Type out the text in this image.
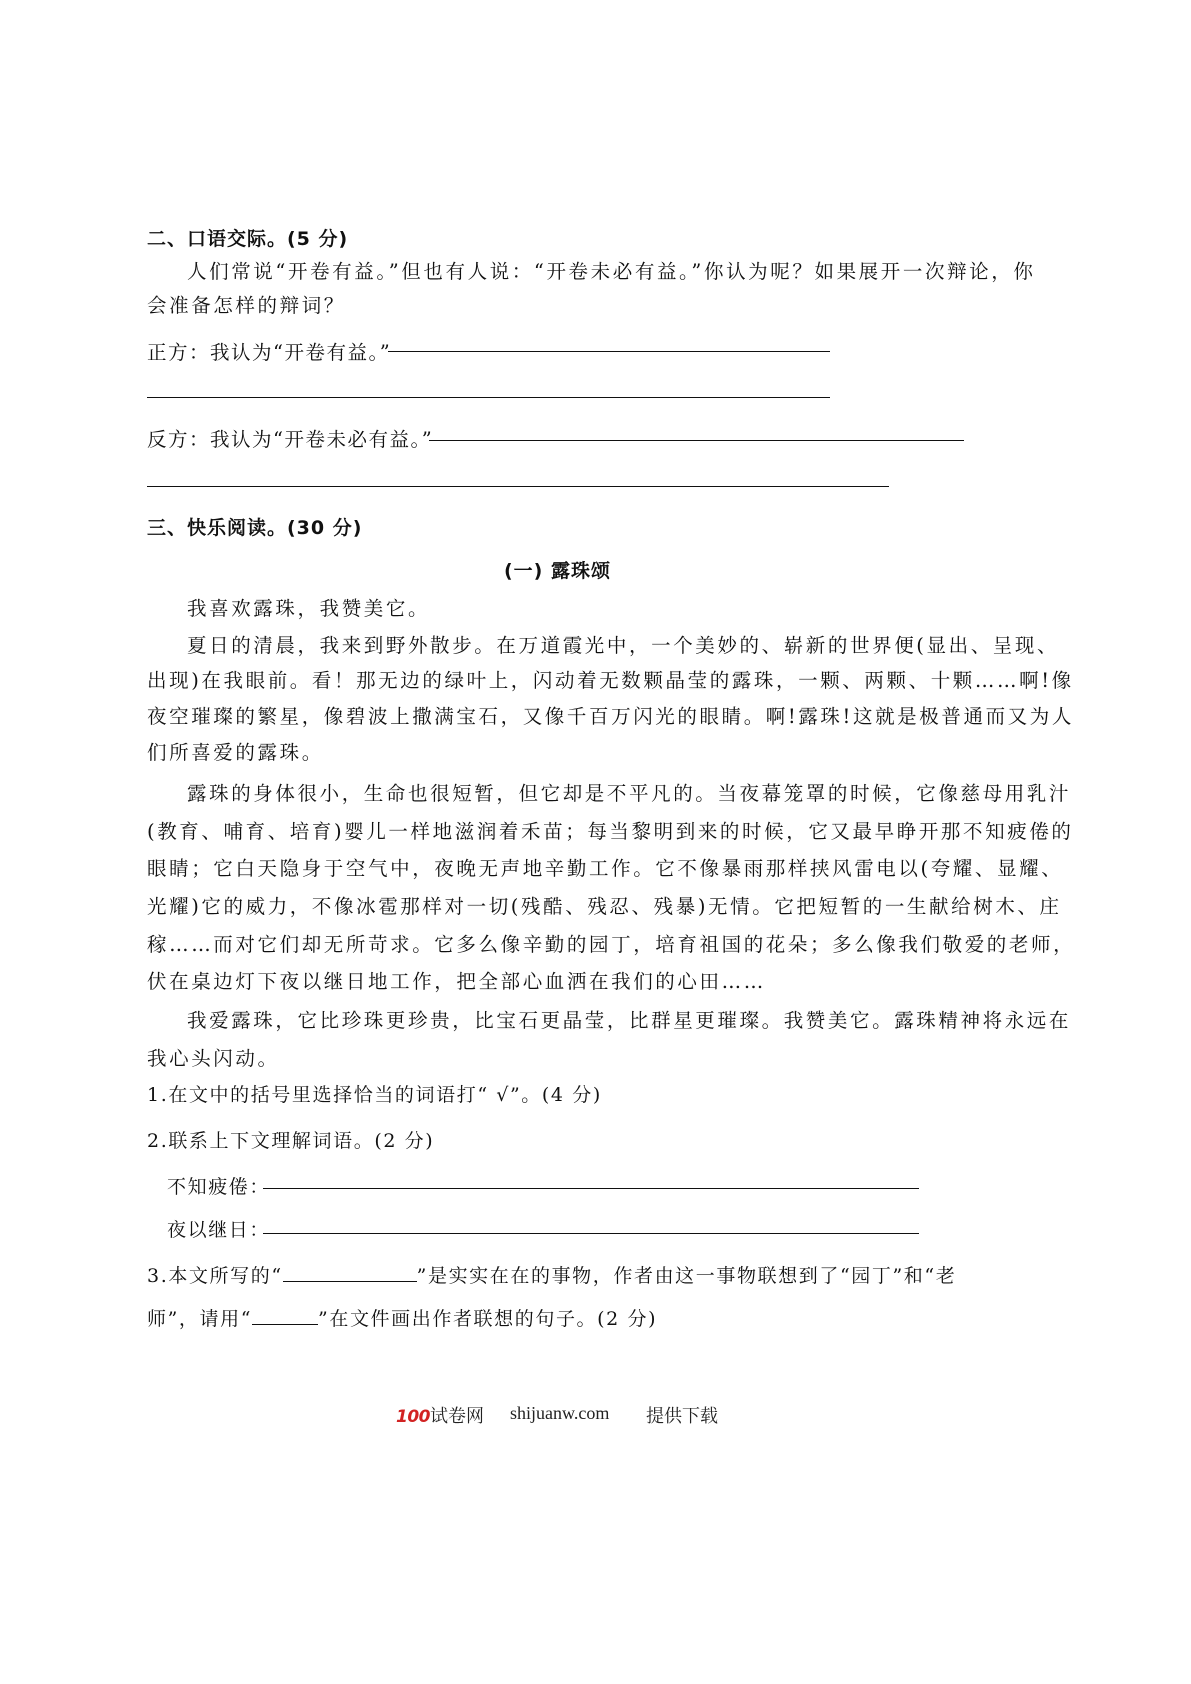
二、口语交际。(5 分)
人们常说“开卷有益。”但也有人说：“开卷未必有益。”你认为呢？如果展开一次辩论，你
会准备怎样的辩词？
正方：我认为“开卷有益。”
反方：我认为“开卷未必有益。”
三、快乐阅读。(30 分)
(一) 露珠颂
我喜欢露珠，我赞美它。
夏日的清晨，我来到野外散步。在万道霞光中，一个美妙的、崭新的世界便(显出、呈现、
出现)在我眼前。看！那无边的绿叶上，闪动着无数颗晶莹的露珠，一颗、两颗、十颗……啊!像
夜空璀璨的繁星，像碧波上撒满宝石，又像千百万闪光的眼睛。啊!露珠!这就是极普通而又为人
们所喜爱的露珠。
露珠的身体很小，生命也很短暂，但它却是不平凡的。当夜幕笼罩的时候，它像慈母用乳汁
(教育、哺育、培育)婴儿一样地滋润着禾苗；每当黎明到来的时候，它又最早睁开那不知疲倦的
眼睛；它白天隐身于空气中，夜晚无声地辛勤工作。它不像暴雨那样挟风雷电以(夸耀、显耀、
光耀)它的威力，不像冰雹那样对一切(残酷、残忍、残暴)无情。它把短暂的一生献给树木、庄
稼……而对它们却无所苛求。它多么像辛勤的园丁，培育祖国的花朵；多么像我们敬爱的老师，
伏在桌边灯下夜以继日地工作，把全部心血洒在我们的心田……
我爱露珠，它比珍珠更珍贵，比宝石更晶莹，比群星更璀璨。我赞美它。露珠精神将永远在
我心头闪动。
1.在文中的括号里选择恰当的词语打“ √”。(4 分)
2.联系上下文理解词语。(2 分)
不知疲倦：
夜以继日：
3.本文所写的“	”是实实在在的事物，作者由这一事物联想到了“园丁”和“老
师”，请用“	”在文件画出作者联想的句子。(2 分)
100试卷网 shijuanw.com 提供下载
